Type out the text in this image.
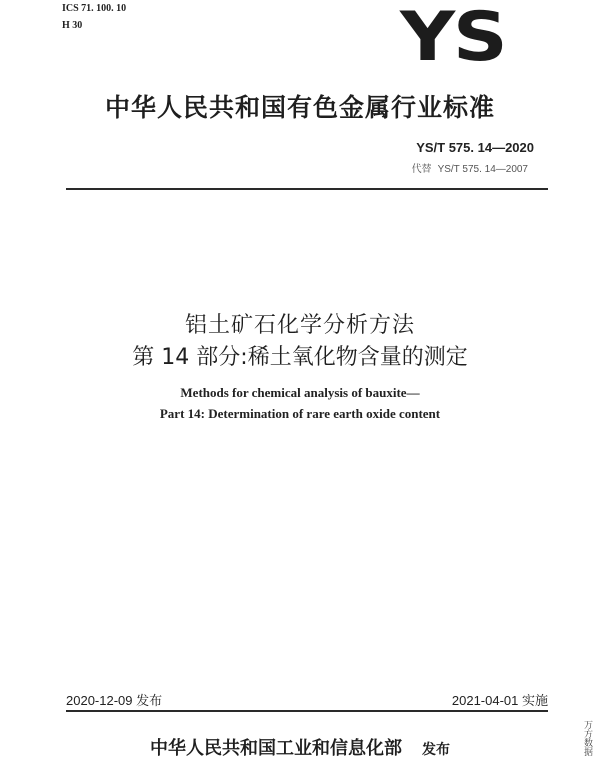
ICS 71. 100. 10
H 30	YS
中华人民共和国有色金属行业标准
YS/T 575. 14—2020
代替 YS/T 575. 14—2007
铝土矿石化学分析方法
第 14 部分:稀土氧化物含量的测定
Methods for chemical analysis of bauxite—
Part 14: Determination of rare earth oxide content
2020-12-09 发布	2021-04-01 实施
中华人民共和国工业和信息化部 发布	万方数据
